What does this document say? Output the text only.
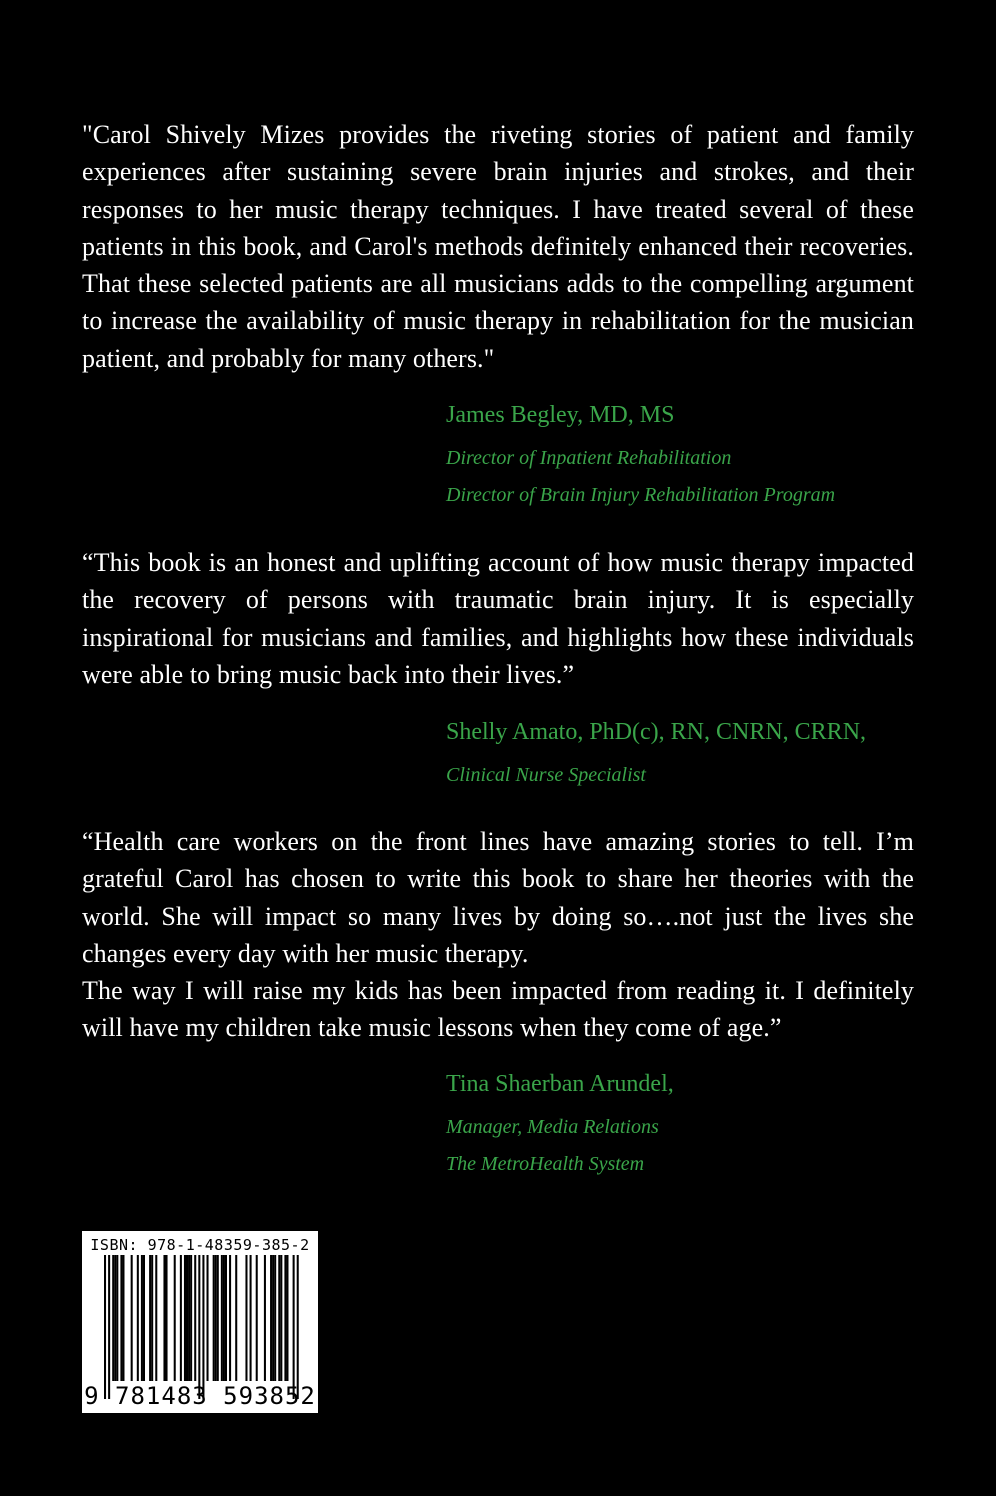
"Carol Shively Mizes provides the riveting stories of patient and family experiences after sustaining severe brain injuries and strokes, and their responses to her music therapy techniques. I have treated several of these patients in this book, and Carol's methods definitely enhanced their recoveries. That these selected patients are all musicians adds to the compelling argument to increase the availability of music therapy in rehabilitation for the musician patient, and probably for many others."

James Begley, MD, MS
Director of Inpatient Rehabilitation
Director of Brain Injury Rehabilitation Program

“This book is an honest and uplifting account of how music therapy impacted the recovery of persons with traumatic brain injury. It is especially inspirational for musicians and families, and highlights how these individuals were able to bring music back into their lives.”

Shelly Amato, PhD(c), RN, CNRN, CRRN,
Clinical Nurse Specialist

“Health care workers on the front lines have amazing stories to tell. I’m grateful Carol has chosen to write this book to share her theories with the world. She will impact so many lives by doing so….not just the lives she changes every day with her music therapy.

The way I will raise my kids has been impacted from reading it. I definitely will have my children take music lessons when they come of age.”

Tina Shaerban Arundel,
Manager, Media Relations
The MetroHealth System
ISBN: 978-1-48359-385-2
9 781483 593852
